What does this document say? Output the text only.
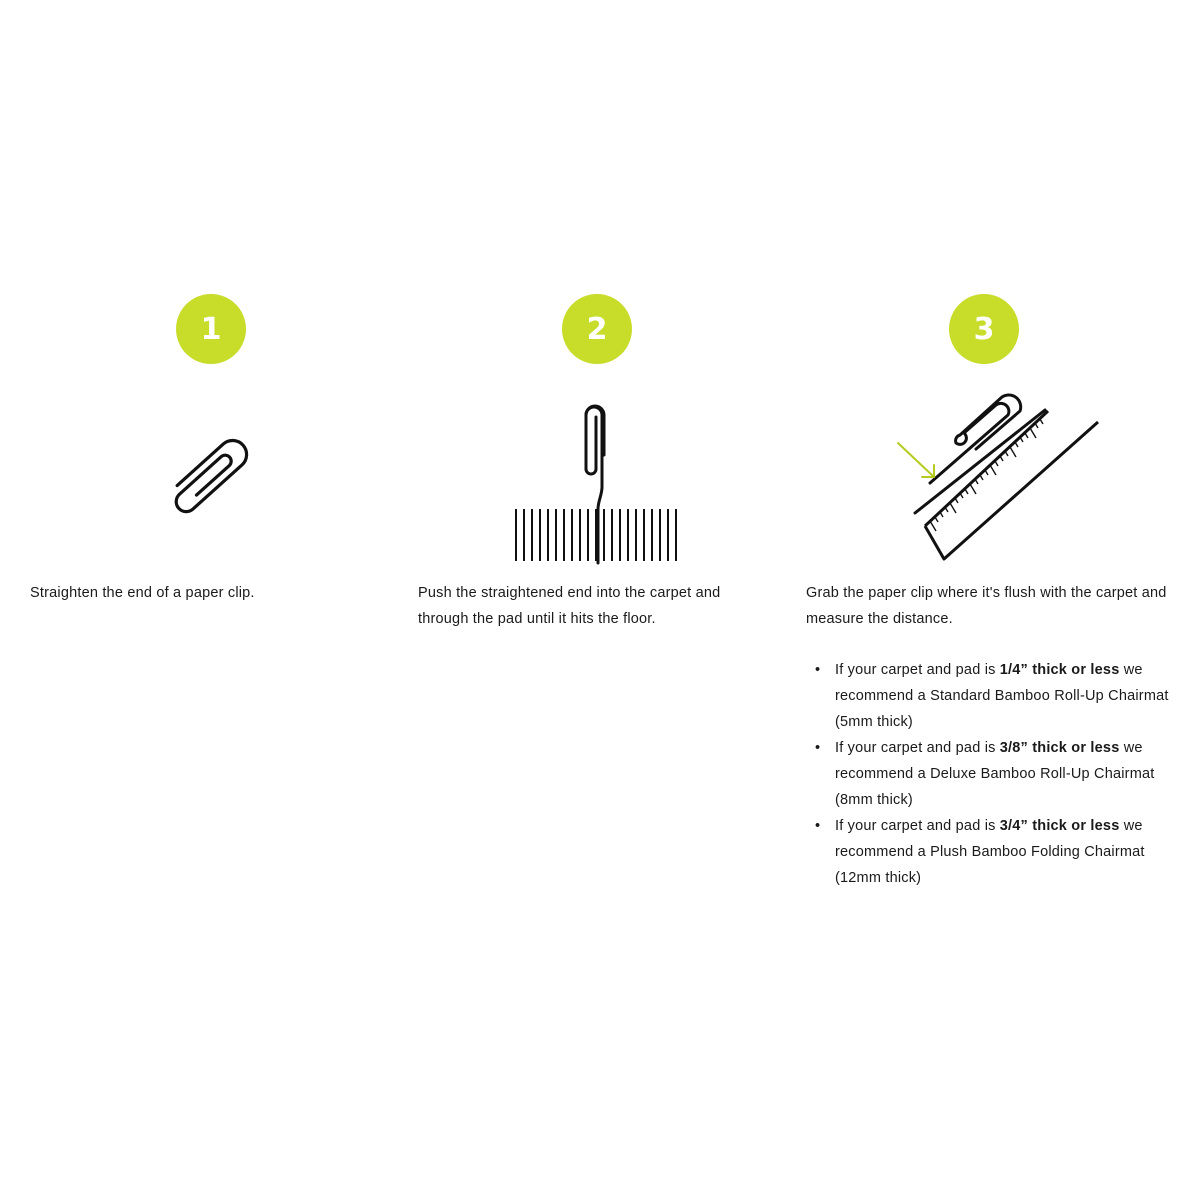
1

Straighten the end of a paper clip.

2

Push the straightened end into the carpet and through the pad until it hits the floor.

3

Grab the paper clip where it's flush with the carpet and measure the distance.

• If your carpet and pad is 1/4” thick or less we recommend a Standard Bamboo Roll-Up Chairmat (5mm thick)
• If your carpet and pad is 3/8” thick or less we recommend a Deluxe Bamboo Roll-Up Chairmat (8mm thick)
• If your carpet and pad is 3/4” thick or less we recommend a Plush Bamboo Folding Chairmat (12mm thick)
